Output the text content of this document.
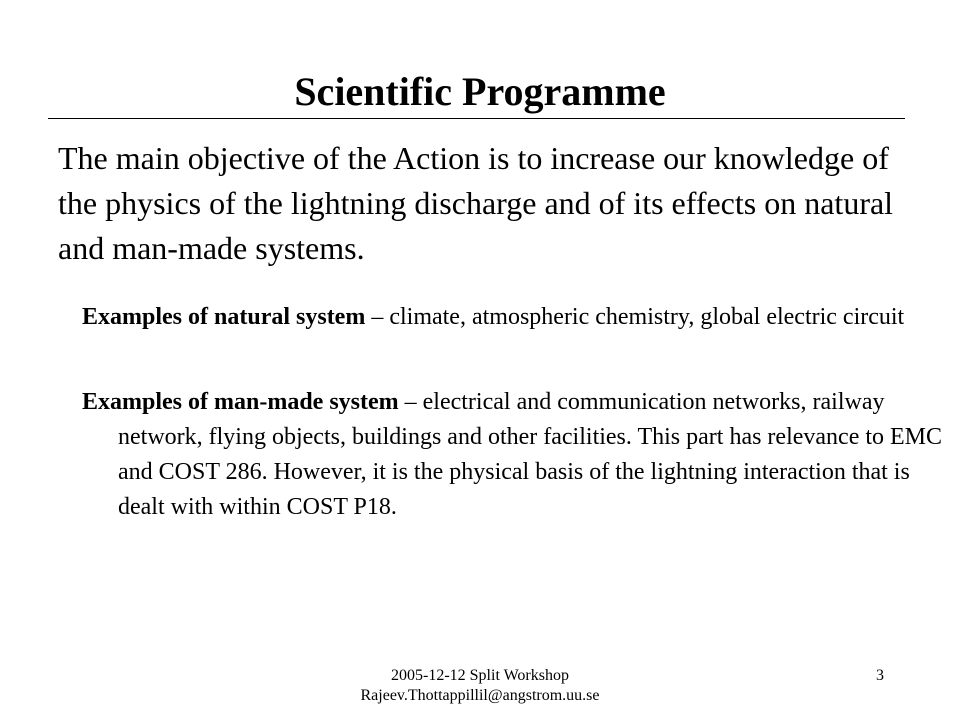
Scientific Programme
The main objective of the Action is to increase our knowledge of the physics of the lightning discharge and of its effects on natural and man-made systems.
Examples of natural system – climate, atmospheric chemistry, global electric circuit
Examples of man-made system – electrical and communication networks, railway network, flying objects, buildings and other facilities. This part has relevance to EMC and COST 286. However, it is the physical basis of the lightning interaction that is dealt with within COST P18.
2005-12-12 Split Workshop
Rajeev.Thottappillil@angstrom.uu.se
3
